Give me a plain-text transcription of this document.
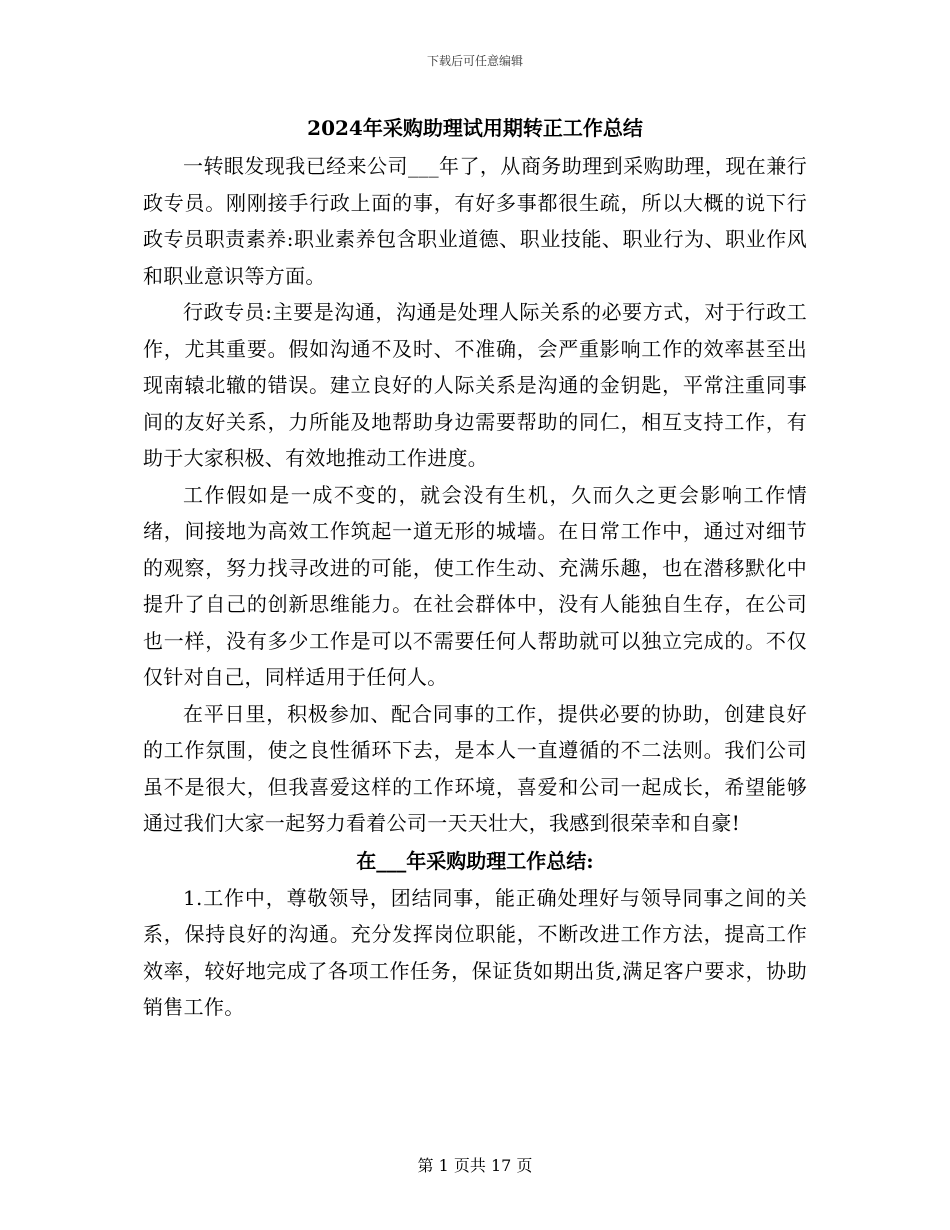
下载后可任意编辑
2024年采购助理试用期转正工作总结

一转眼发现我已经来公司___年了，从商务助理到采购助理，现在兼行政专员。刚刚接手行政上面的事，有好多事都很生疏，所以大概的说下行政专员职责素养:职业素养包含职业道德、职业技能、职业行为、职业作风和职业意识等方面。

行政专员:主要是沟通，沟通是处理人际关系的必要方式，对于行政工作，尤其重要。假如沟通不及时、不准确，会严重影响工作的效率甚至出现南辕北辙的错误。建立良好的人际关系是沟通的金钥匙，平常注重同事间的友好关系，力所能及地帮助身边需要帮助的同仁，相互支持工作，有助于大家积极、有效地推动工作进度。

工作假如是一成不变的，就会没有生机，久而久之更会影响工作情绪，间接地为高效工作筑起一道无形的城墙。在日常工作中，通过对细节的观察，努力找寻改进的可能，使工作生动、充满乐趣，也在潜移默化中提升了自己的创新思维能力。在社会群体中，没有人能独自生存，在公司也一样，没有多少工作是可以不需要任何人帮助就可以独立完成的。不仅仅针对自己，同样适用于任何人。

在平日里，积极参加、配合同事的工作，提供必要的协助，创建良好的工作氛围，使之良性循环下去，是本人一直遵循的不二法则。我们公司虽不是很大，但我喜爱这样的工作环境，喜爱和公司一起成长，希望能够通过我们大家一起努力看着公司一天天壮大，我感到很荣幸和自豪!

在___年采购助理工作总结:

1.工作中，尊敬领导，团结同事，能正确处理好与领导同事之间的关系，保持良好的沟通。充分发挥岗位职能，不断改进工作方法，提高工作效率，较好地完成了各项工作任务，保证货如期出货,满足客户要求，协助销售工作。

第 1 页共 17 页
